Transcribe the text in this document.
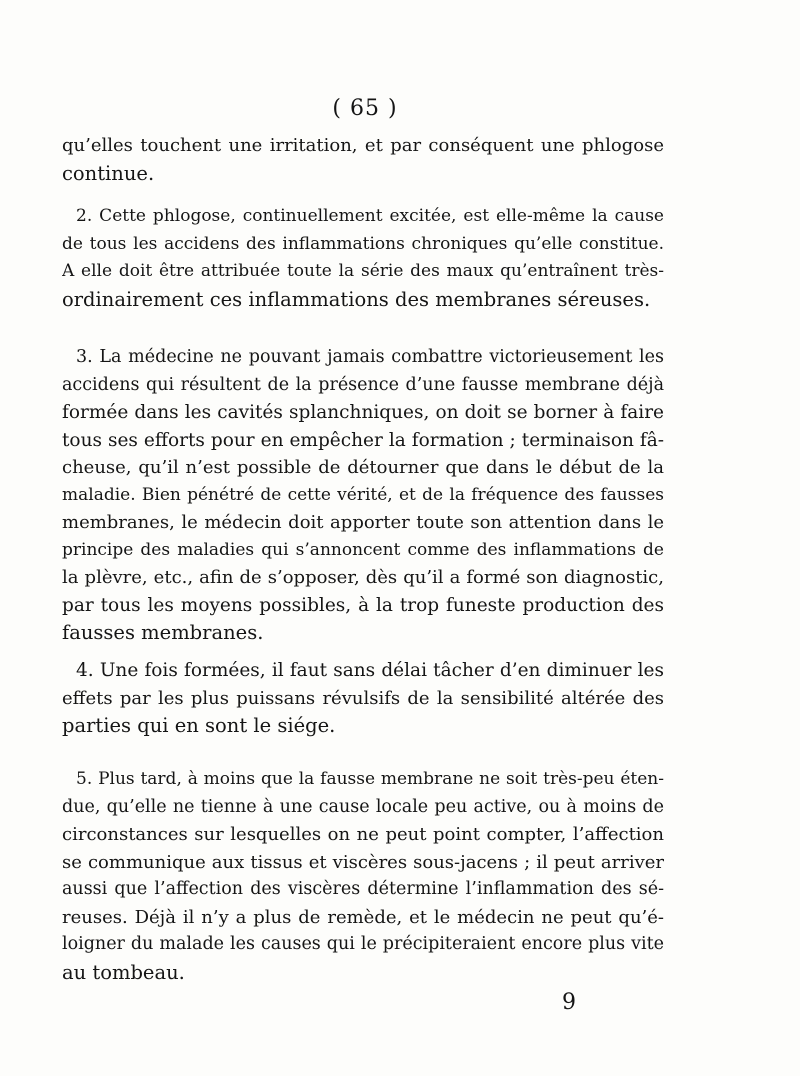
( 65 )
qu’elles touchent une irritation, et par conséquent une phlogose
continue.
2. Cette phlogose, continuellement excitée, est elle-même la cause
de tous les accidens des inflammations chroniques qu’elle constitue.
A elle doit être attribuée toute la série des maux qu’entraînent très-
ordinairement ces inflammations des membranes séreuses.
3. La médecine ne pouvant jamais combattre victorieusement les
accidens qui résultent de la présence d’une fausse membrane déjà
formée dans les cavités splanchniques, on doit se borner à faire
tous ses efforts pour en empêcher la formation ; terminaison fâ-
cheuse, qu’il n’est possible de détourner que dans le début de la
maladie. Bien pénétré de cette vérité, et de la fréquence des fausses
membranes, le médecin doit apporter toute son attention dans le
principe des maladies qui s’annoncent comme des inflammations de
la plèvre, etc., afin de s’opposer, dès qu’il a formé son diagnostic,
par tous les moyens possibles, à la trop funeste production des
fausses membranes.
4. Une fois formées, il faut sans délai tâcher d’en diminuer les
effets par les plus puissans révulsifs de la sensibilité altérée des
parties qui en sont le siége.
5. Plus tard, à moins que la fausse membrane ne soit très-peu éten-
due, qu’elle ne tienne à une cause locale peu active, ou à moins de
circonstances sur lesquelles on ne peut point compter, l’affection
se communique aux tissus et viscères sous-jacens ; il peut arriver
aussi que l’affection des viscères détermine l’inflammation des sé-
reuses. Déjà il n’y a plus de remède, et le médecin ne peut qu’é-
loigner du malade les causes qui le précipiteraient encore plus vite
au tombeau.
9
